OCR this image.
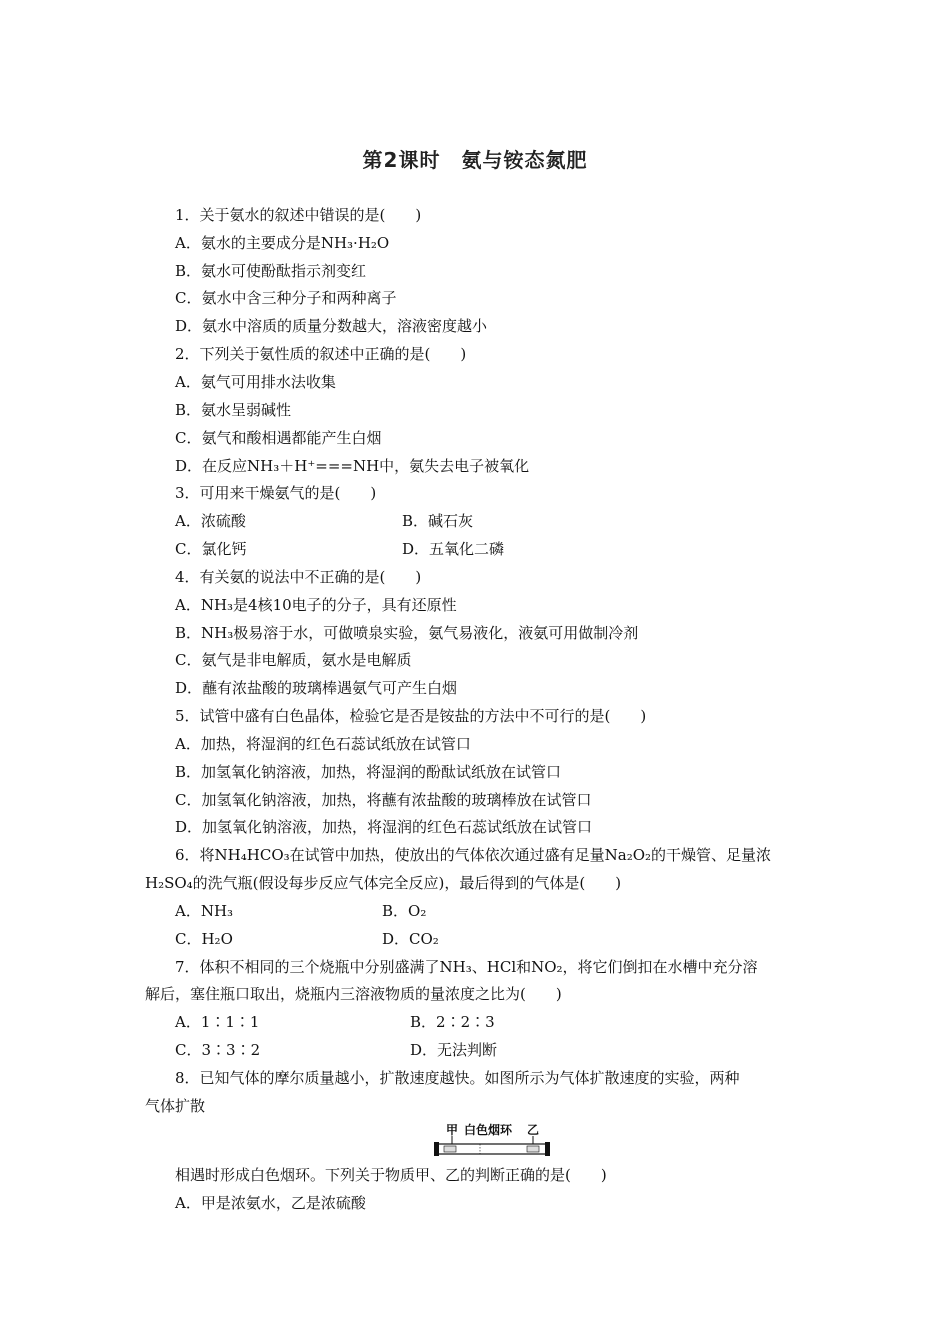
第2课时　氨与铵态氮肥
1．关于氨水的叙述中错误的是(　　)
A．氨水的主要成分是NH₃·H₂O
B．氨水可使酚酞指示剂变红
C．氨水中含三种分子和两种离子
D．氨水中溶质的质量分数越大，溶液密度越小
2．下列关于氨性质的叙述中正确的是(　　)
A．氨气可用排水法收集
B．氨水呈弱碱性
C．氨气和酸相遇都能产生白烟
D．在反应NH₃＋H⁺===NH中，氨失去电子被氧化
3．可用来干燥氨气的是(　　)
A．浓硫酸	B．碱石灰
C．氯化钙	D．五氧化二磷
4．有关氨的说法中不正确的是(　　)
A．NH₃是4核10电子的分子，具有还原性
B．NH₃极易溶于水，可做喷泉实验，氨气易液化，液氨可用做制冷剂
C．氨气是非电解质，氨水是电解质
D．蘸有浓盐酸的玻璃棒遇氨气可产生白烟
5．试管中盛有白色晶体，检验它是否是铵盐的方法中不可行的是(　　)
A．加热，将湿润的红色石蕊试纸放在试管口
B．加氢氧化钠溶液，加热，将湿润的酚酞试纸放在试管口
C．加氢氧化钠溶液，加热，将蘸有浓盐酸的玻璃棒放在试管口
D．加氢氧化钠溶液，加热，将湿润的红色石蕊试纸放在试管口
6．将NH₄HCO₃在试管中加热，使放出的气体依次通过盛有足量Na₂O₂的干燥管、足量浓
H₂SO₄的洗气瓶(假设每步反应气体完全反应)，最后得到的气体是(　　)
A．NH₃	B．O₂
C．H₂O	D．CO₂
7．体积不相同的三个烧瓶中分别盛满了NH₃、HCl和NO₂，将它们倒扣在水槽中充分溶
解后，塞住瓶口取出，烧瓶内三溶液物质的量浓度之比为(　　)
A．1∶1∶1	B．2∶2∶3
C．3∶3∶2	D．无法判断
8．已知气体的摩尔质量越小，扩散速度越快。如图所示为气体扩散速度的实验，两种
气体扩散
甲 白色烟环 乙
相遇时形成白色烟环。下列关于物质甲、乙的判断正确的是(　　)
A．甲是浓氨水，乙是浓硫酸
